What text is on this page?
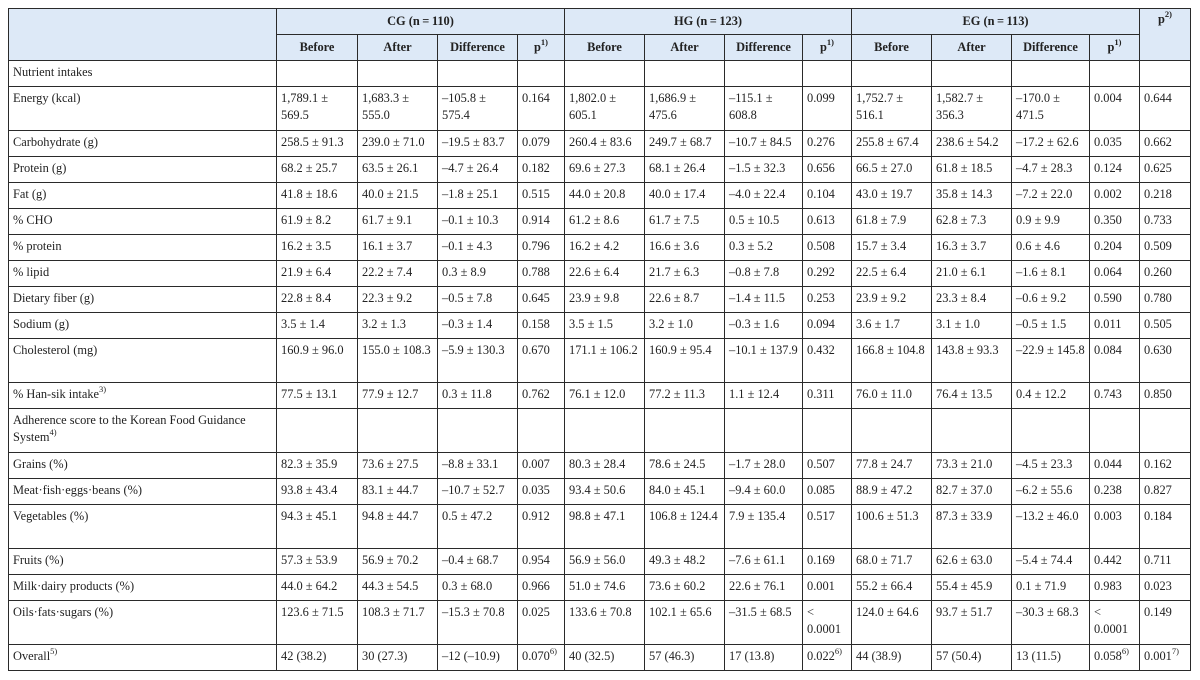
	CG (n = 110)				HG (n = 123)				EG (n = 113)				$p^{2)}$
	Before	After	Difference	$p^{1)}$	Before	After	Difference	$p^{1)}$	Before	After	Difference	$p^{1)}$
Nutrient intakes													
Energy (kcal)	1,789.1 ± 569.5	1,683.3 ± 555.0	–105.8 ± 575.4	0.164	1,802.0 ± 605.1	1,686.9 ± 475.6	–115.1 ± 608.8	0.099	1,752.7 ± 516.1	1,582.7 ± 356.3	–170.0 ± 471.5	0.004	0.644
Carbohydrate (g)	258.5 ± 91.3	239.0 ± 71.0	–19.5 ± 83.7	0.079	260.4 ± 83.6	249.7 ± 68.7	–10.7 ± 84.5	0.276	255.8 ± 67.4	238.6 ± 54.2	–17.2 ± 62.6	0.035	0.662
Protein (g)	68.2 ± 25.7	63.5 ± 26.1	–4.7 ± 26.4	0.182	69.6 ± 27.3	68.1 ± 26.4	–1.5 ± 32.3	0.656	66.5 ± 27.0	61.8 ± 18.5	–4.7 ± 28.3	0.124	0.625
Fat (g)	41.8 ± 18.6	40.0 ± 21.5	–1.8 ± 25.1	0.515	44.0 ± 20.8	40.0 ± 17.4	–4.0 ± 22.4	0.104	43.0 ± 19.7	35.8 ± 14.3	–7.2 ± 22.0	0.002	0.218
% CHO	61.9 ± 8.2	61.7 ± 9.1	–0.1 ± 10.3	0.914	61.2 ± 8.6	61.7 ± 7.5	0.5 ± 10.5	0.613	61.8 ± 7.9	62.8 ± 7.3	0.9 ± 9.9	0.350	0.733
% protein	16.2 ± 3.5	16.1 ± 3.7	–0.1 ± 4.3	0.796	16.2 ± 4.2	16.6 ± 3.6	0.3 ± 5.2	0.508	15.7 ± 3.4	16.3 ± 3.7	0.6 ± 4.6	0.204	0.509
% lipid	21.9 ± 6.4	22.2 ± 7.4	0.3 ± 8.9	0.788	22.6 ± 6.4	21.7 ± 6.3	–0.8 ± 7.8	0.292	22.5 ± 6.4	21.0 ± 6.1	–1.6 ± 8.1	0.064	0.260
Dietary fiber (g)	22.8 ± 8.4	22.3 ± 9.2	–0.5 ± 7.8	0.645	23.9 ± 9.8	22.6 ± 8.7	–1.4 ± 11.5	0.253	23.9 ± 9.2	23.3 ± 8.4	–0.6 ± 9.2	0.590	0.780
Sodium (g)	3.5 ± 1.4	3.2 ± 1.3	–0.3 ± 1.4	0.158	3.5 ± 1.5	3.2 ± 1.0	–0.3 ± 1.6	0.094	3.6 ± 1.7	3.1 ± 1.0	–0.5 ± 1.5	0.011	0.505
Cholesterol (mg)	160.9 ± 96.0	155.0 ± 108.3	–5.9 ± 130.3	0.670	171.1 ± 106.2	160.9 ± 95.4	–10.1 ± 137.9	0.432	166.8 ± 104.8	143.8 ± 93.3	–22.9 ± 145.8	0.084	0.630
% Han-sik intake$^{3)}$	77.5 ± 13.1	77.9 ± 12.7	0.3 ± 11.8	0.762	76.1 ± 12.0	77.2 ± 11.3	1.1 ± 12.4	0.311	76.0 ± 11.0	76.4 ± 13.5	0.4 ± 12.2	0.743	0.850
Adherence score to the Korean Food Guidance System$^{4)}$													
Grains (%)	82.3 ± 35.9	73.6 ± 27.5	–8.8 ± 33.1	0.007	80.3 ± 28.4	78.6 ± 24.5	–1.7 ± 28.0	0.507	77.8 ± 24.7	73.3 ± 21.0	–4.5 ± 23.3	0.044	0.162
Meat·fish·eggs·beans (%)	93.8 ± 43.4	83.1 ± 44.7	–10.7 ± 52.7	0.035	93.4 ± 50.6	84.0 ± 45.1	–9.4 ± 60.0	0.085	88.9 ± 47.2	82.7 ± 37.0	–6.2 ± 55.6	0.238	0.827
Vegetables (%)	94.3 ± 45.1	94.8 ± 44.7	0.5 ± 47.2	0.912	98.8 ± 47.1	106.8 ± 124.4	7.9 ± 135.4	0.517	100.6 ± 51.3	87.3 ± 33.9	–13.2 ± 46.0	0.003	0.184
Fruits (%)	57.3 ± 53.9	56.9 ± 70.2	–0.4 ± 68.7	0.954	56.9 ± 56.0	49.3 ± 48.2	–7.6 ± 61.1	0.169	68.0 ± 71.7	62.6 ± 63.0	–5.4 ± 74.4	0.442	0.711
Milk·dairy products (%)	44.0 ± 64.2	44.3 ± 54.5	0.3 ± 68.0	0.966	51.0 ± 74.6	73.6 ± 60.2	22.6 ± 76.1	0.001	55.2 ± 66.4	55.4 ± 45.9	0.1 ± 71.9	0.983	0.023
Oils·fats·sugars (%)	123.6 ± 71.5	108.3 ± 71.7	–15.3 ± 70.8	0.025	133.6 ± 70.8	102.1 ± 65.6	–31.5 ± 68.5	< 0.0001	124.0 ± 64.6	93.7 ± 51.7	–30.3 ± 68.3	< 0.0001	0.149
Overall$^{5)}$	42 (38.2)	30 (27.3)	–12 (–10.9)	0.070$^{6)}$	40 (32.5)	57 (46.3)	17 (13.8)	0.022$^{6)}$	44 (38.9)	57 (50.4)	13 (11.5)	0.058$^{6)}$	0.001$^{7)}$
